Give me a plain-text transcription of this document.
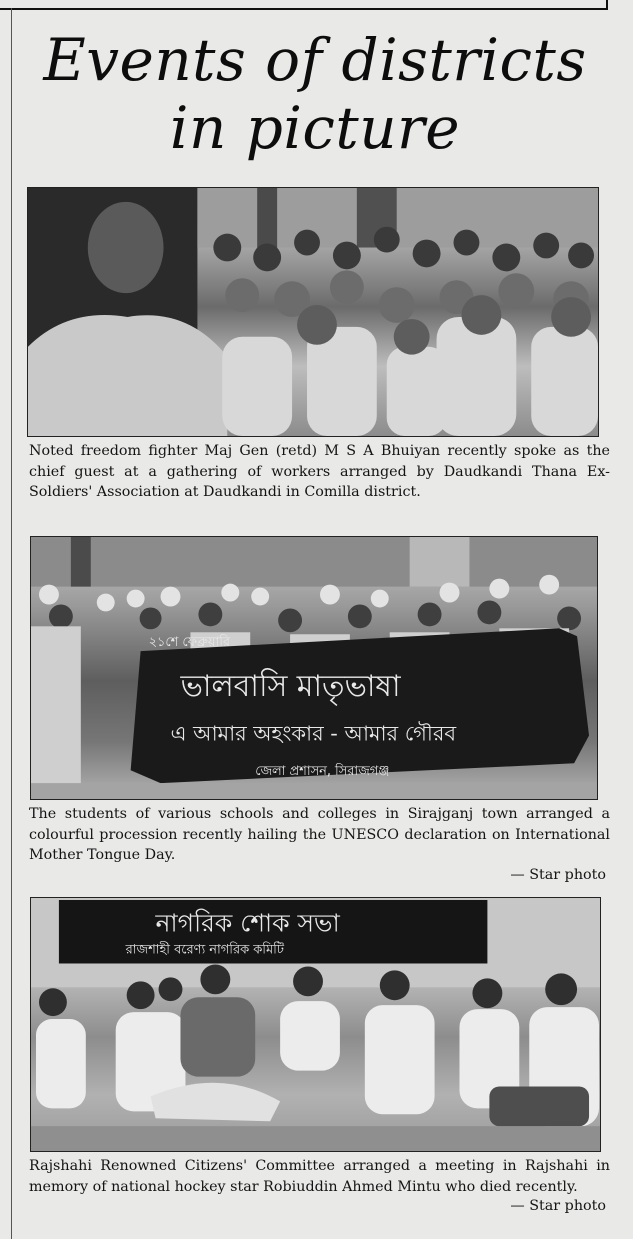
Events of districts
in picture
Noted freedom fighter Maj Gen (retd) M S A Bhuiyan recently spoke as the chief guest at a gathering of workers arranged by Daudkandi Thana Ex- Soldiers' Association at Daudkandi in Comilla district.
২১শে ফেব্রুয়ারি
ভালবাসি মাতৃভাষা
এ আমার অহংকার - আমার গৌরব
জেলা প্রশাসন, সিরাজগঞ্জ
The students of various schools and colleges in Sirajganj town arranged a colourful procession recently hailing the UNESCO declaration on International Mother Tongue Day.
— Star photo
নাগরিক শোক সভা
রাজশাহী বরেণ্য নাগরিক কমিটি
Rajshahi Renowned Citizens' Committee arranged a meeting in Rajshahi in memory of national hockey star Robiuddin Ahmed Mintu who died recently.
— Star photo
